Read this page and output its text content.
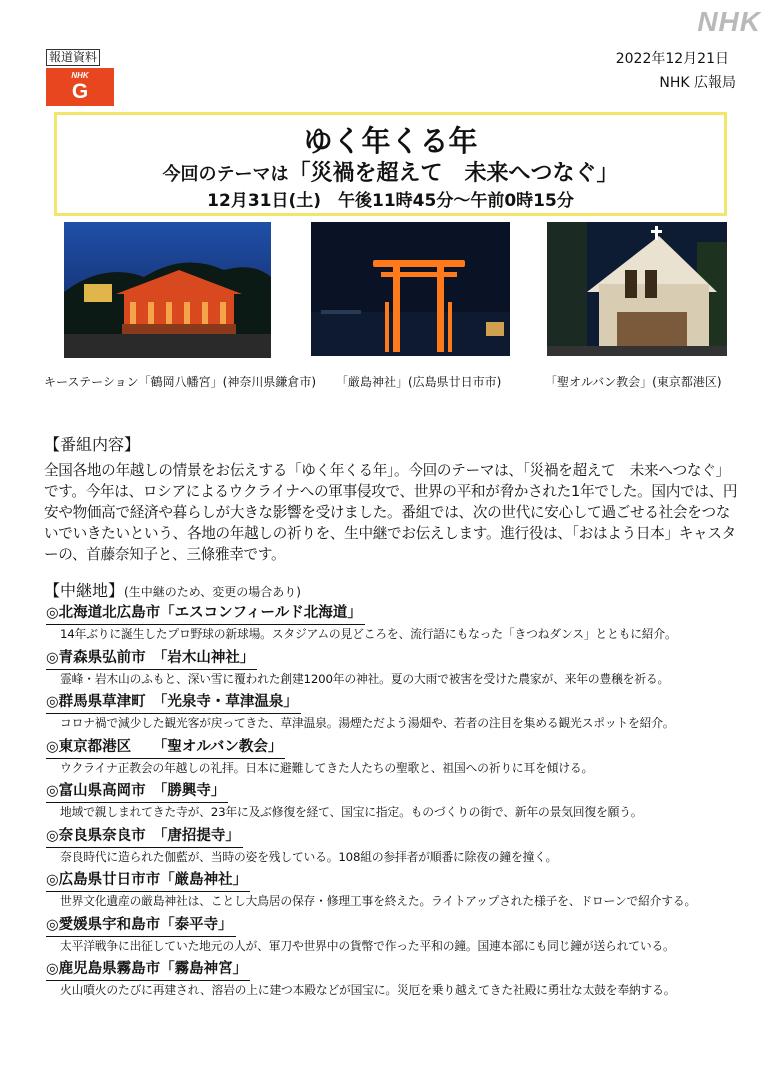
NHK
報道資料
NHK
G
2022年12月21日
NHK 広報局
ゆく年くる年
今回のテーマは「災禍を超えて　未来へつなぐ」
12月31日(土)　午後11時45分～午前0時15分
キーステーション「鶴岡八幡宮」(神奈川県鎌倉市) 「厳島神社」(広島県廿日市市)	「聖オルバン教会」(東京都港区)
【番組内容】

全国各地の年越しの情景をお伝えする「ゆく年くる年」。今回のテーマは、「災禍を超えて　未来へつなぐ」です。今年は、ロシアによるウクライナへの軍事侵攻で、世界の平和が脅かされた1年でした。国内では、円安や物価高で経済や暮らしが大きな影響を受けました。番組では、次の世代に安心して過ごせる社会をつないでいきたいという、各地の年越しの祈りを、生中継でお伝えします。進行役は、「おはよう日本」キャスターの、首藤奈知子と、三條雅幸です。

【中継地】(生中継のため、変更の場合あり)
◎北海道北広島市「エスコンフィールド北海道」
14年ぶりに誕生したプロ野球の新球場。スタジアムの見どころを、流行語にもなった「きつねダンス」とともに紹介。
◎青森県弘前市　「岩木山神社」
霊峰・岩木山のふもと、深い雪に覆われた創建1200年の神社。夏の大雨で被害を受けた農家が、来年の豊穣を祈る。
◎群馬県草津町　「光泉寺・草津温泉」
コロナ禍で減少した観光客が戻ってきた、草津温泉。湯煙ただよう湯畑や、若者の注目を集める観光スポットを紹介。
◎東京都港区　　「聖オルバン教会」
ウクライナ正教会の年越しの礼拝。日本に避難してきた人たちの聖歌と、祖国への祈りに耳を傾ける。
◎富山県高岡市　「勝興寺」
地域で親しまれてきた寺が、23年に及ぶ修復を経て、国宝に指定。ものづくりの街で、新年の景気回復を願う。
◎奈良県奈良市　「唐招提寺」
奈良時代に造られた伽藍が、当時の姿を残している。108組の参拝者が順番に除夜の鐘を撞く。
◎広島県廿日市市「厳島神社」
世界文化遺産の厳島神社は、ことし大鳥居の保存・修理工事を終えた。ライトアップされた様子を、ドローンで紹介する。
◎愛媛県宇和島市「泰平寺」
太平洋戦争に出征していた地元の人が、軍刀や世界中の貨幣で作った平和の鐘。国連本部にも同じ鐘が送られている。
◎鹿児島県霧島市「霧島神宮」
火山噴火のたびに再建され、溶岩の上に建つ本殿などが国宝に。災厄を乗り越えてきた社殿に勇壮な太鼓を奉納する。
